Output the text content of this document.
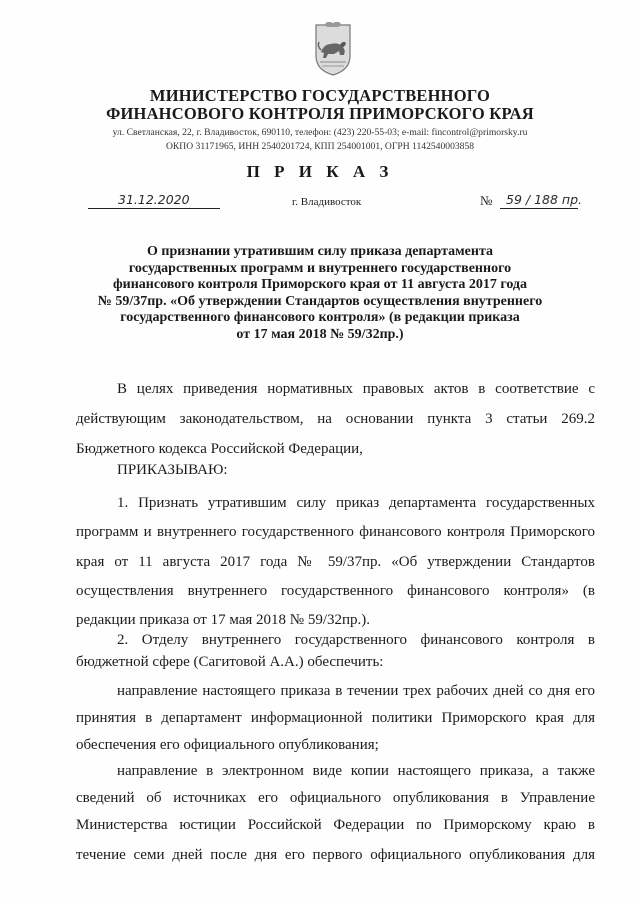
МИНИСТЕРСТВО ГОСУДАРСТВЕННОГО
ФИНАНСОВОГО КОНТРОЛЯ ПРИМОРСКОГО КРАЯ
ул. Светланская, 22, г. Владивосток, 690110, телефон: (423) 220-55-03; e-mail: fincontrol@primorsky.ru
ОКПО 31171965, ИНН 2540201724, КПП 254001001, ОГРН 1142540003858
П Р И К А З
31.12.2020	г. Владивосток	№ 59 / 188 пр.
О признании утратившим силу приказа департамента
государственных программ и внутреннего государственного
финансового контроля Приморского края от 11 августа 2017 года
№ 59/37пр. «Об утверждении Стандартов осуществления внутреннего
государственного финансового контроля» (в редакции приказа
от 17 мая 2018 № 59/32пр.)
В целях приведения нормативных правовых актов в соответствие с
действующим законодательством, на основании пункта 3 статьи 269.2
Бюджетного кодекса Российской Федерации,
ПРИКАЗЫВАЮ:
1. Признать утратившим силу приказ департамента государственных
программ и внутреннего государственного финансового контроля Приморского
края от 11 августа 2017 года № 59/37пр. «Об утверждении Стандартов
осуществления внутреннего государственного финансового контроля» (в
редакции приказа от 17 мая 2018 № 59/32пр.).
2. Отделу внутреннего государственного финансового контроля в
бюджетной сфере (Сагитовой А.А.) обеспечить:
направление настоящего приказа в течении трех рабочих дней со дня его
принятия в департамент информационной политики Приморского края для
обеспечения его официального опубликования;
направление в электронном виде копии настоящего приказа, а также
сведений об источниках его официального опубликования в Управление
Министерства юстиции Российской Федерации по Приморскому краю в
течение семи дней после дня его первого официального опубликования для
